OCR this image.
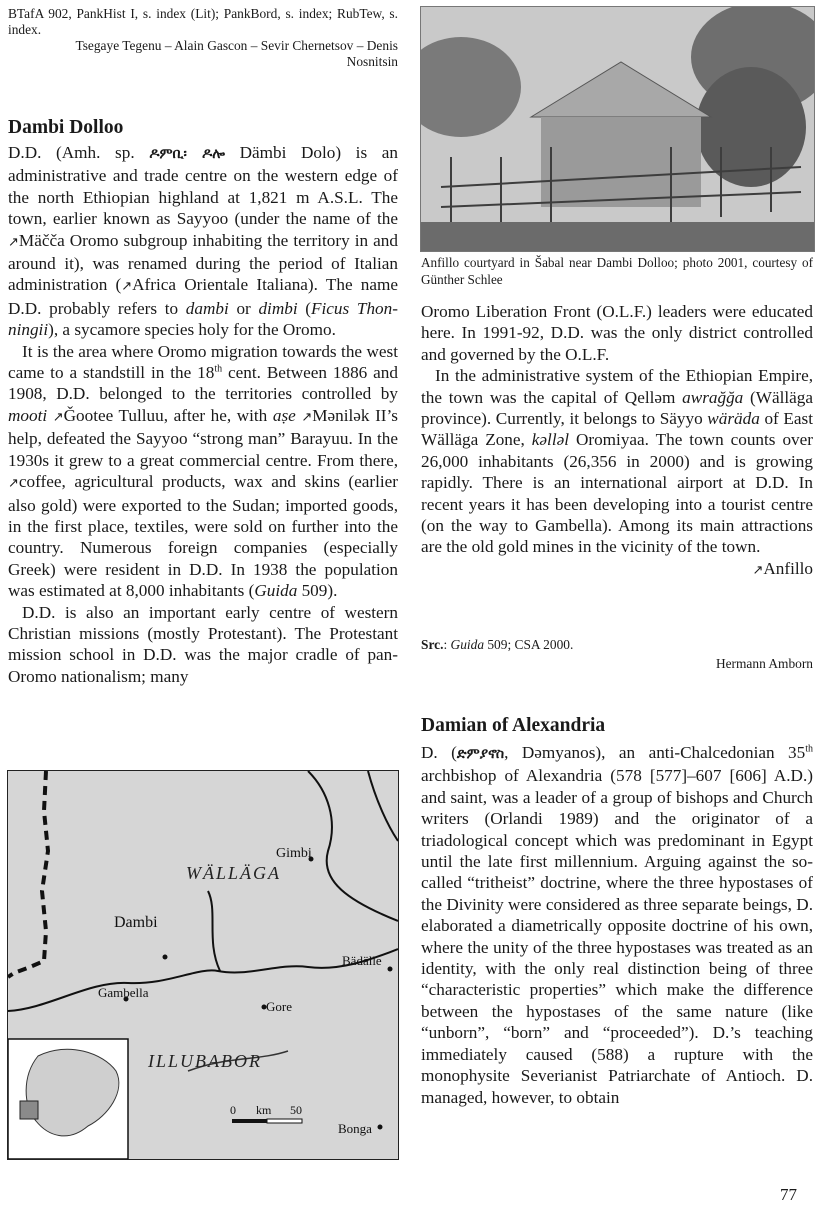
BTafA 902, PankHist I, s. index (Lit); PankBord, s. index; RubTew, s. index.
Tsegaye Tegenu – Alain Gascon – Sevir Chernetsov – Denis Nosnitsin
Dambi Dolloo

D.D. (Amh. sp. ዶምቢ፡ ዶሎ Dämbi Dolo) is an administrative and trade centre on the western edge of the north Ethiopian highland at 1,821 m A.S.L. The town, earlier known as Sayyoo (under the name of the ↗Mäččа Oromo subgroup inhabiting the territory in and around it), was renamed during the period of Italian administration (↗Africa Orientale Italiana). The name D.D. probably refers to dambi or dimbi (Ficus Thonningii), a sycamore species holy for the Oromo.

It is the area where Oromo migration towards the west came to a standstill in the 18th cent. Between 1886 and 1908, D.D. belonged to the territories controlled by mooti ↗Ǧootee Tulluu, after he, with aṣe ↗Mənilək II’s help, defeated the Sayyoo “strong man” Barayuu. In the 1930s it grew to a great commercial centre. From there, ↗coffee, agricultural products, wax and skins (earlier also gold) were exported to the Sudan; imported goods, in the first place, textiles, were sold on further into the country. Numerous foreign companies (especially Greek) were resident in D.D. In 1938 the population was estimated at 8,000 inhabitants (Guida 509).

D.D. is also an important early centre of western Christian missions (mostly Protestant). The Protestant mission school in D.D. was the major cradle of pan-Oromo nationalism; many

Gimbi
WÄLLÄGA
Dambi
Bädälle
Gambella
Gore
ILLUBABOR
0 km 50
Bonga
Anfillo courtyard in Šabal near Dambi Dolloo; photo 2001, courtesy of Günther Schlee

Oromo Liberation Front (O.L.F.) leaders were educated here. In 1991-92, D.D. was the only district controlled and governed by the O.L.F.

In the administrative system of the Ethiopian Empire, the town was the capital of Qelləm awrağğa (Wälläga province). Currently, it belongs to Säyyo wäräda of East Wälläga Zone, kəlləl Oromiyaa. The town counts over 26,000 inhabitants (26,356 in 2000) and is growing rapidly. There is an international airport at D.D. In recent years it has been developing into a tourist centre (on the way to Gambella). Among its main attractions are the old gold mines in the vicinity of the town.

↗Anfillo

Src.: Guida 509; CSA 2000.
Hermann Amborn
Damian of Alexandria

D. (ድምያኖስ, Dəmyanos), an anti-Chalcedonian 35th archbishop of Alexandria (578 [577]–607 [606] A.D.) and saint, was a leader of a group of bishops and Church writers (Orlandi 1989) and the originator of a triadological concept which was predominant in Egypt until the late first millennium. Arguing against the so-called “tritheist” doctrine, where the three hypostases of the Divinity were considered as three separate beings, D. elaborated a diametrically opposite doctrine of his own, where the unity of the three hypostases was treated as an identity, with the only real distinction being of three “characteristic properties” which make the difference between the hypostases of the same nature (like “unborn”, “born” and “proceeded”). D.’s teaching immediately caused (588) a rupture with the monophysite Severianist Patriarchate of Antioch. D. managed, however, to obtain

77
